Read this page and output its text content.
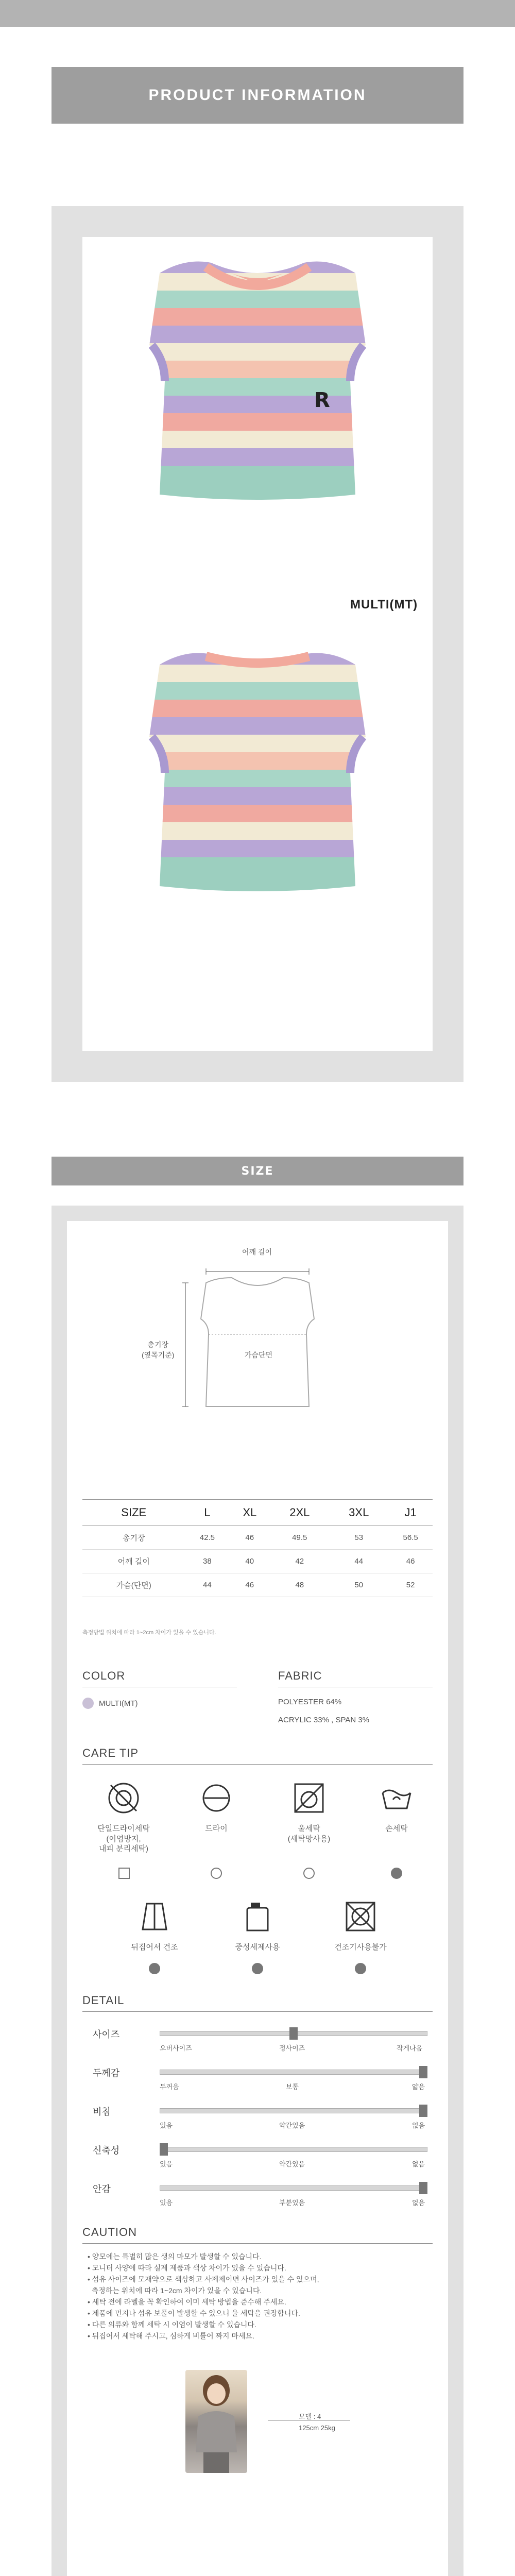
PRODUCT INFORMATION
R
MULTI(MT)
SIZE
어깨 길이
가슴단면
총기장
(옆목기준)
SIZE	L	XL	2XL	3XL	J1
총기장	42.5	46	49.5	53	56.5
어깨 길이	38	40	42	44	46
가슴(단면)	44	46	48	50	52
측정방법 위치에 따라 1~2cm 차이가 있을 수 있습니다.
COLOR
MULTI(MT)
FABRIC
POLYESTER 64%
ACRYLIC 33% , SPAN 3%
CARE TIP
단일드라이세탁
(이염방지,
내피 분리세탁)
드라이	울세탁
(세탁망사용)
손세탁
뒤집어서 건조	중성세제사용	건조기사용불가
DETAIL
사이즈
오버사이즈	정사이즈	작게나옴
두께감
두꺼움	보통	얇음
비침
있음	약간있음	없음
신축성
있음	약간있음	없음
안감
있음	부분있음	없음
CAUTION
• 양모에는 특별히 많은 생의 마모가 발생할 수 있습니다.
• 모니터 사양에 따라 실제 제품과 색상 차이가 있을 수 있습니다.
• 섬유 사이즈에 모재약으로 색상하고 사제제이면 사이즈가 있을 수 있으며,
측정하는 위치에 따라 1~2cm 차이가 있을 수 있습니다.
• 세탁 전에 라벨을 꼭 확인하여 이미 세탁 방법을 준수해 주세요.
• 제품에 먼지나 섬유 보풀이 발생할 수 있으니 울 세탁을 권장합니다.
• 다른 의류와 함께 세탁 시 이염이 발생할 수 있습니다.
• 뒤집어서 세탁해 주시고, 심하게 비틀어 짜지 마세요.
모델 : 4
125cm 25kg
